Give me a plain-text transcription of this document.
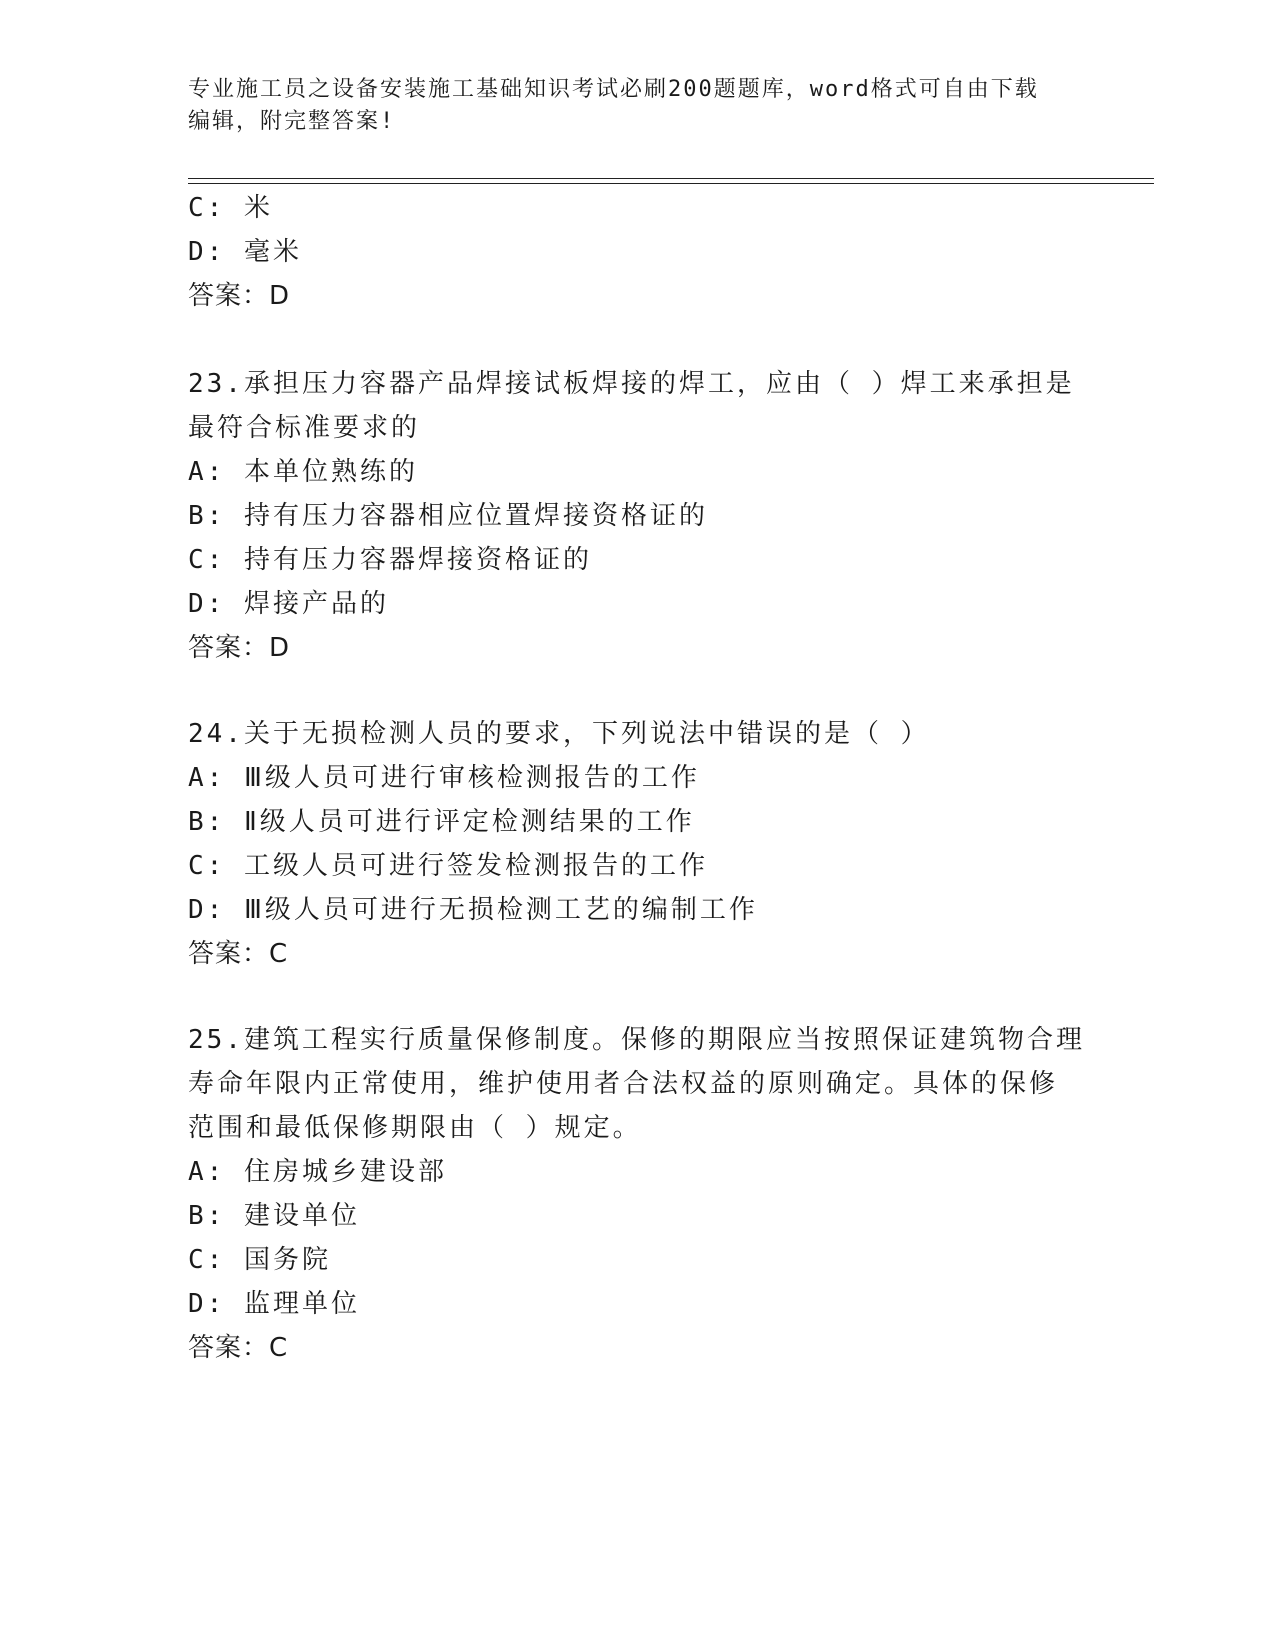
专业施工员之设备安装施工基础知识考试必刷200题题库，word格式可自由下载
编辑，附完整答案!
C: 米
D: 毫米
答案：D
23.承担压力容器产品焊接试板焊接的焊工，应由（ ）焊工来承担是
最符合标准要求的
A: 本单位熟练的
B: 持有压力容器相应位置焊接资格证的
C: 持有压力容器焊接资格证的
D: 焊接产品的
答案：D
24.关于无损检测人员的要求，下列说法中错误的是（ ）
A: Ⅲ级人员可进行审核检测报告的工作
B: Ⅱ级人员可进行评定检测结果的工作
C: 工级人员可进行签发检测报告的工作
D: Ⅲ级人员可进行无损检测工艺的编制工作
答案：C
25.建筑工程实行质量保修制度。保修的期限应当按照保证建筑物合理
寿命年限内正常使用，维护使用者合法权益的原则确定。具体的保修
范围和最低保修期限由（ ）规定。
A: 住房城乡建设部
B: 建设单位
C: 国务院
D: 监理单位
答案：C
